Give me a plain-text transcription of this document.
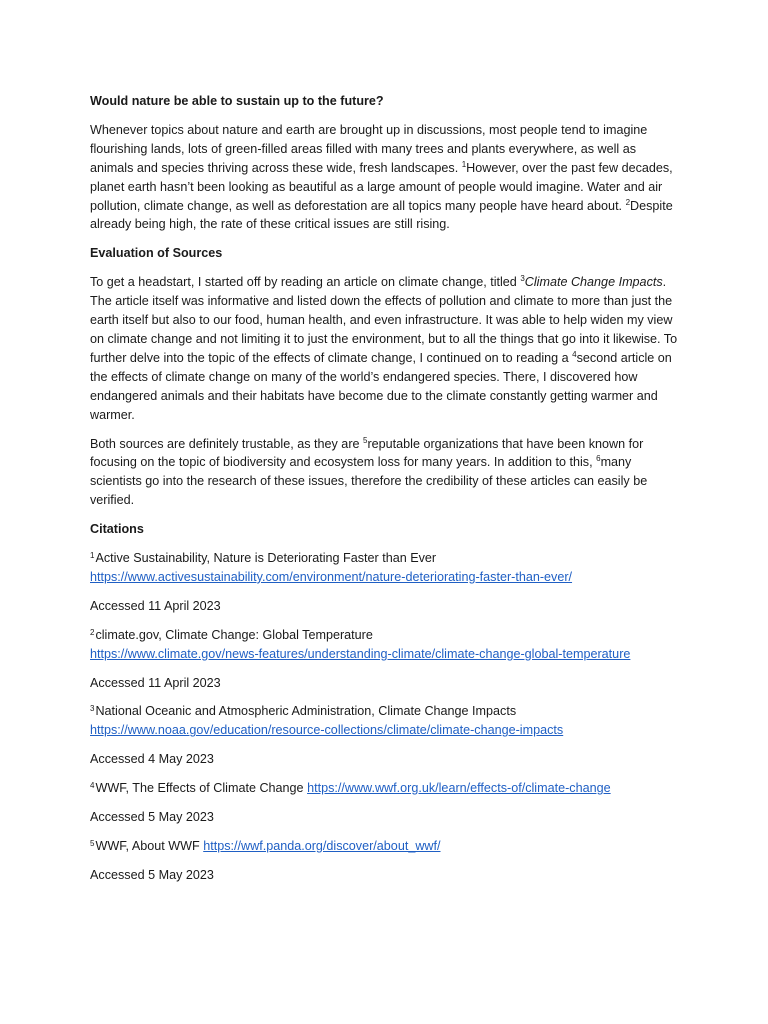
Would nature be able to sustain up to the future?

Whenever topics about nature and earth are brought up in discussions, most people tend to imagine flourishing lands, lots of green-filled areas filled with many trees and plants everywhere, as well as animals and species thriving across these wide, fresh landscapes. $^1$However, over the past few decades, planet earth hasn’t been looking as beautiful as a large amount of people would imagine. Water and air pollution, climate change, as well as deforestation are all topics many people have heard about. $^2$Despite already being high, the rate of these critical issues are still rising.

Evaluation of Sources

To get a headstart, I started off by reading an article on climate change, titled $^3$Climate Change Impacts. The article itself was informative and listed down the effects of pollution and climate to more than just the earth itself but also to our food, human health, and even infrastructure. It was able to help widen my view on climate change and not limiting it to just the environment, but to all the things that go into it likewise. To further delve into the topic of the effects of climate change, I continued on to reading a $^4$second article on the effects of climate change on many of the world’s endangered species. There, I discovered how endangered animals and their habitats have become due to the climate constantly getting warmer and warmer.

Both sources are definitely trustable, as they are $^5$reputable organizations that have been known for focusing on the topic of biodiversity and ecosystem loss for many years. In addition to this, $^6$many scientists go into the research of these issues, therefore the credibility of these articles can easily be verified.

Citations

$^1$Active Sustainability, Nature is Deteriorating Faster than Ever
https://www.activesustainability.com/environment/nature-deteriorating-faster-than-ever/

Accessed 11 April 2023

$^2$climate.gov, Climate Change: Global Temperature
https://www.climate.gov/news-features/understanding-climate/climate-change-global-temperature

Accessed 11 April 2023

$^3$National Oceanic and Atmospheric Administration, Climate Change Impacts
https://www.noaa.gov/education/resource-collections/climate/climate-change-impacts

Accessed 4 May 2023

$^4$WWF, The Effects of Climate Change https://www.wwf.org.uk/learn/effects-of/climate-change

Accessed 5 May 2023

$^5$WWF, About WWF https://wwf.panda.org/discover/about_wwf/

Accessed 5 May 2023
